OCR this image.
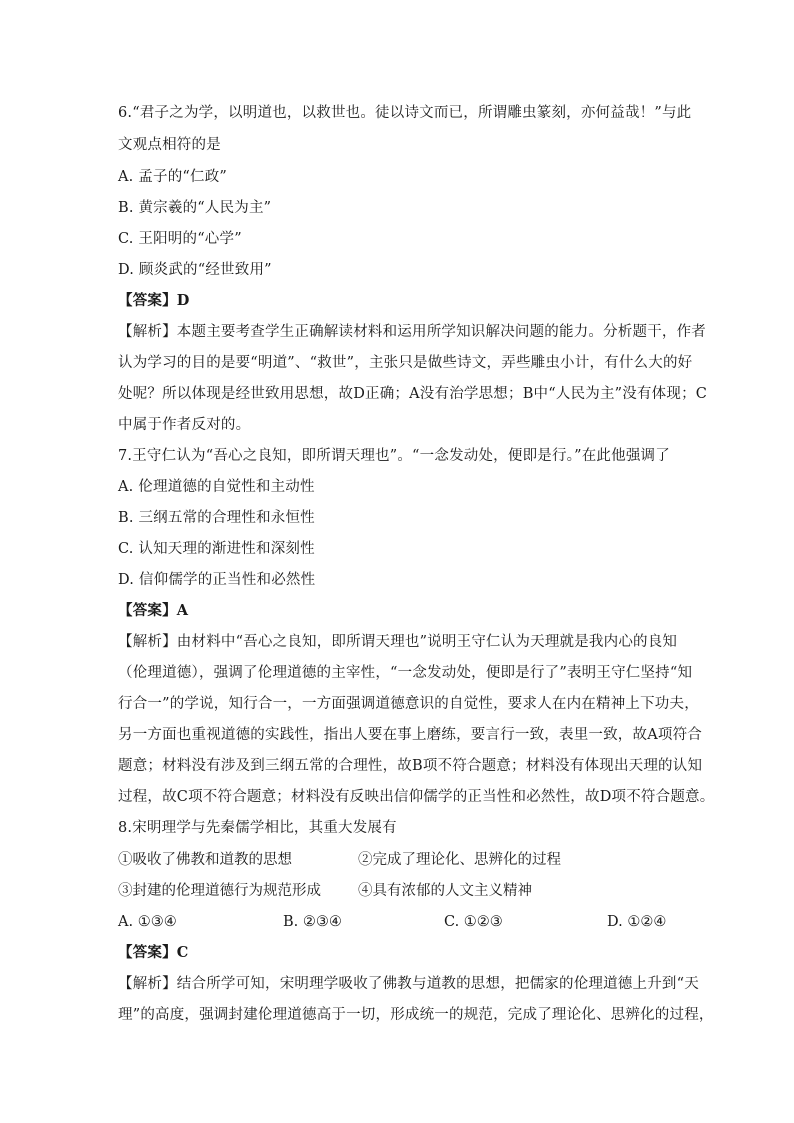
6.“君子之为学，以明道也，以救世也。徒以诗文而已，所谓雕虫篆刻，亦何益哉！”与此
文观点相符的是
A. 孟子的“仁政”
B. 黄宗羲的“人民为主”
C. 王阳明的“心学”
D. 顾炎武的“经世致用”
【答案】D
【解析】本题主要考查学生正确解读材料和运用所学知识解决问题的能力。分析题干，作者
认为学习的目的是要“明道”、“救世”，主张只是做些诗文，弄些雕虫小计，有什么大的好
处呢？所以体现是经世致用思想，故D正确；A没有治学思想；B中“人民为主”没有体现；C
中属于作者反对的。
7.王守仁认为“吾心之良知，即所谓天理也”。“一念发动处，便即是行。”在此他强调了
A. 伦理道德的自觉性和主动性
B. 三纲五常的合理性和永恒性
C. 认知天理的渐进性和深刻性
D. 信仰儒学的正当性和必然性
【答案】A
【解析】由材料中“吾心之良知，即所谓天理也”说明王守仁认为天理就是我内心的良知
（伦理道德），强调了伦理道德的主宰性，“一念发动处，便即是行了”表明王守仁坚持“知
行合一”的学说，知行合一，一方面强调道德意识的自觉性，要求人在内在精神上下功夫，
另一方面也重视道德的实践性，指出人要在事上磨练，要言行一致，表里一致，故A项符合
题意；材料没有涉及到三纲五常的合理性，故B项不符合题意；材料没有体现出天理的认知
过程，故C项不符合题意；材料没有反映出信仰儒学的正当性和必然性，故D项不符合题意。
8.宋明理学与先秦儒学相比，其重大发展有
①吸收了佛教和道教的思想	②完成了理论化、思辨化的过程
③封建的伦理道德行为规范形成	④具有浓郁的人文主义精神
A. ①③④	B. ②③④	C. ①②③	D. ①②④
【答案】C
【解析】结合所学可知，宋明理学吸收了佛教与道教的思想，把儒家的伦理道德上升到“天
理”的高度，强调封建伦理道德高于一切，形成统一的规范，完成了理论化、思辨化的过程，
